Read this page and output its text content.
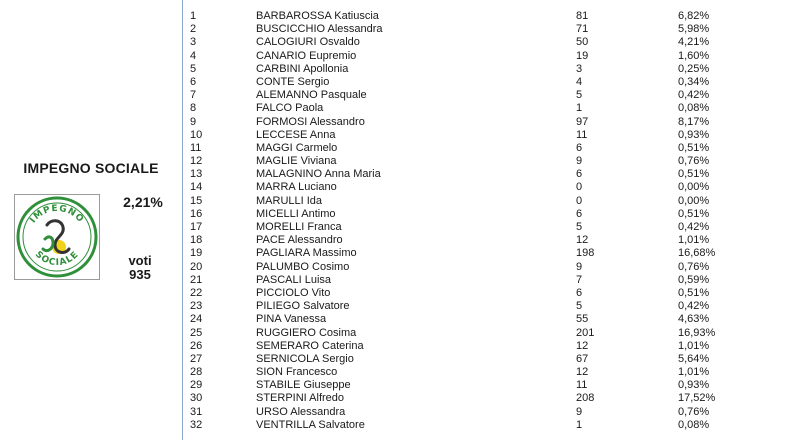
IMPEGNO SOCIALE
IMPEGNO
SOCIALE
2,21%
voti
935
1	BARBAROSSA Katiuscia	81	6,82%
2	BUSCICCHIO Alessandra	71	5,98%
3	CALOGIURI Osvaldo	50	4,21%
4	CANARIO Eupremio	19	1,60%
5	CARBINI Apollonia	3	0,25%
6	CONTE Sergio	4	0,34%
7	ALEMANNO Pasquale	5	0,42%
8	FALCO Paola	1	0,08%
9	FORMOSI Alessandro	97	8,17%
10	LECCESE Anna	11	0,93%
11	MAGGI Carmelo	6	0,51%
12	MAGLIE Viviana	9	0,76%
13	MALAGNINO Anna Maria	6	0,51%
14	MARRA Luciano	0	0,00%
15	MARULLI Ida	0	0,00%
16	MICELLI Antimo	6	0,51%
17	MORELLI Franca	5	0,42%
18	PACE Alessandro	12	1,01%
19	PAGLIARA Massimo	198	16,68%
20	PALUMBO Cosimo	9	0,76%
21	PASCALI Luisa	7	0,59%
22	PICCIOLO Vito	6	0,51%
23	PILIEGO Salvatore	5	0,42%
24	PINA Vanessa	55	4,63%
25	RUGGIERO Cosima	201	16,93%
26	SEMERARO Caterina	12	1,01%
27	SERNICOLA Sergio	67	5,64%
28	SION Francesco	12	1,01%
29	STABILE Giuseppe	11	0,93%
30	STERPINI Alfredo	208	17,52%
31	URSO Alessandra	9	0,76%
32	VENTRILLA Salvatore	1	0,08%
